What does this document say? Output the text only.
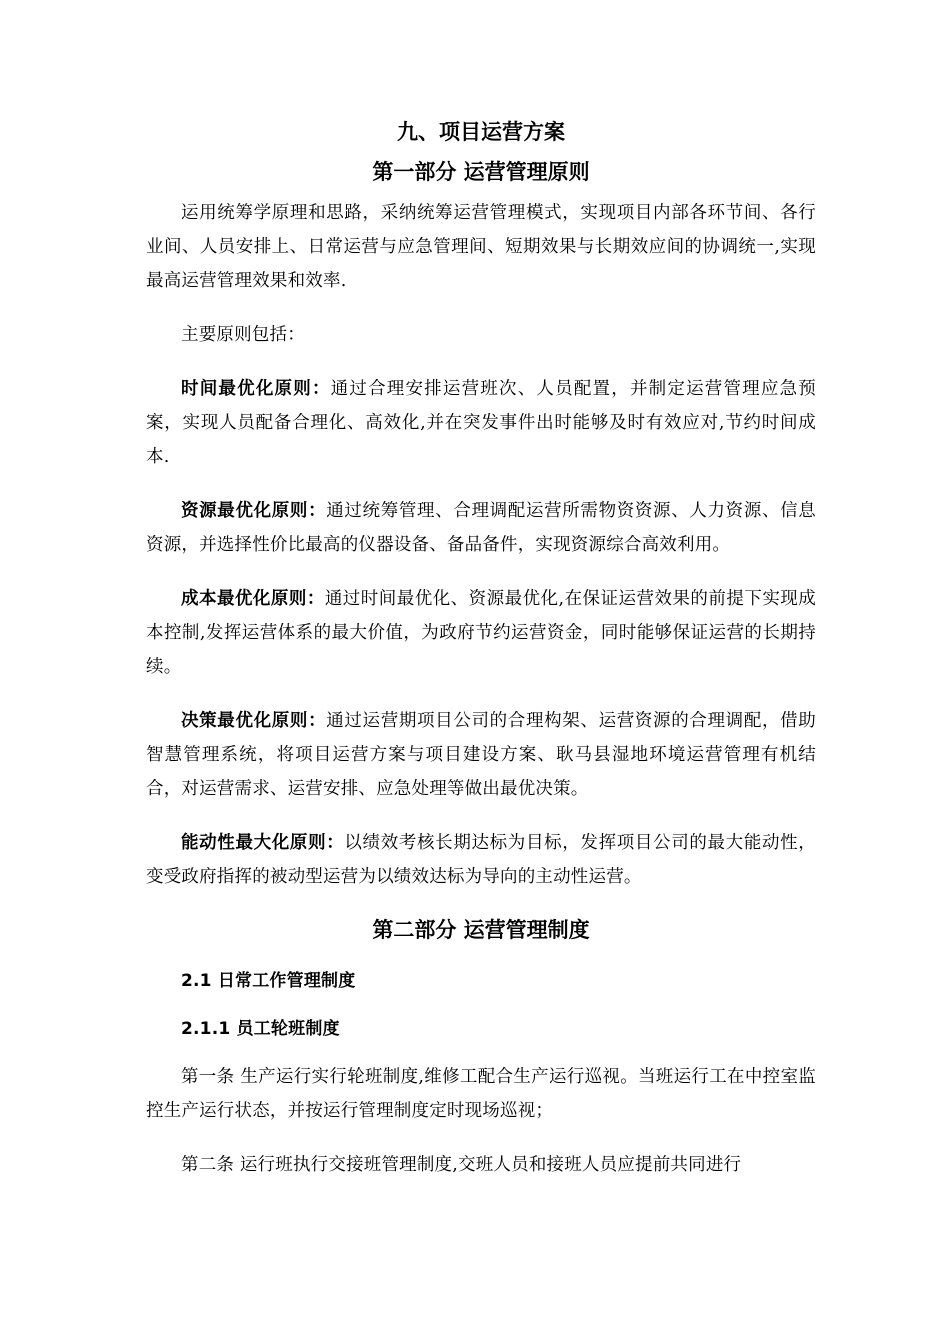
九、项目运营方案
第一部分 运营管理原则

运用统筹学原理和思路，采纳统筹运营管理模式，实现项目内部各环节间、各行业间、人员安排上、日常运营与应急管理间、短期效果与长期效应间的协调统一,实现最高运营管理效果和效率.

主要原则包括：

时间最优化原则：通过合理安排运营班次、人员配置，并制定运营管理应急预案，实现人员配备合理化、高效化,并在突发事件出时能够及时有效应对,节约时间成本.

资源最优化原则：通过统筹管理、合理调配运营所需物资资源、人力资源、信息资源，并选择性价比最高的仪器设备、备品备件，实现资源综合高效利用。

成本最优化原则：通过时间最优化、资源最优化,在保证运营效果的前提下实现成本控制,发挥运营体系的最大价值，为政府节约运营资金，同时能够保证运营的长期持续。

决策最优化原则：通过运营期项目公司的合理构架、运营资源的合理调配，借助智慧管理系统，将项目运营方案与项目建设方案、耿马县湿地环境运营管理有机结合，对运营需求、运营安排、应急处理等做出最优决策。

能动性最大化原则：以绩效考核长期达标为目标，发挥项目公司的最大能动性，变受政府指挥的被动型运营为以绩效达标为导向的主动性运营。

第二部分 运营管理制度

2.1 日常工作管理制度

2.1.1 员工轮班制度

第一条 生产运行实行轮班制度,维修工配合生产运行巡视。当班运行工在中控室监控生产运行状态，并按运行管理制度定时现场巡视；

第二条 运行班执行交接班管理制度,交班人员和接班人员应提前共同进行
